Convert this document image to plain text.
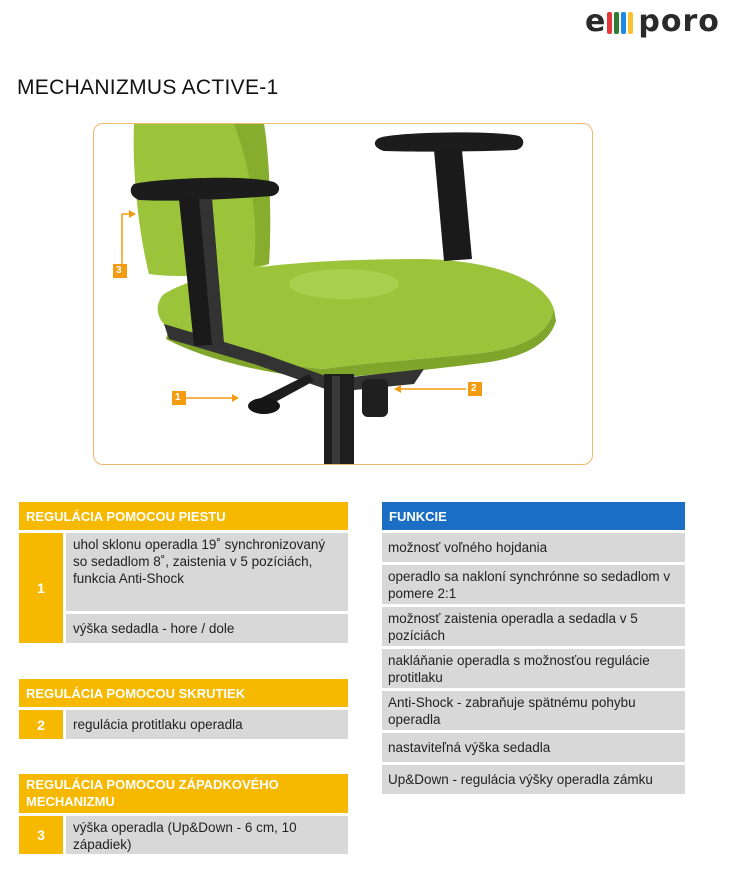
e poro
MECHANIZMUS ACTIVE-1
1
2
3
REGULÁCIA POMOCOU PIESTU
1
uhol sklonu operadla 19˚ synchronizovaný so sedadlom 8˚, zaistenia v 5 pozíciách, funkcia Anti-Shock
výška sedadla - hore / dole
REGULÁCIA POMOCOU SKRUTIEK
2	regulácia protitlaku operadla
REGULÁCIA POMOCOU ZÁPADKOVÉHO MECHANIZMU
3	výška operadla (Up&Down - 6 cm, 10 západiek)
FUNKCIE
možnosť voľného hojdania
operadlo sa nakloní synchrónne so sedadlom v pomere 2:1
možnosť zaistenia operadla a sedadla v 5 pozíciách
nakláňanie operadla s možnosťou regulácie protitlaku
Anti-Shock - zabraňuje spätnému pohybu operadla
nastaviteľná výška sedadla
Up&Down - regulácia výšky operadla zámku
